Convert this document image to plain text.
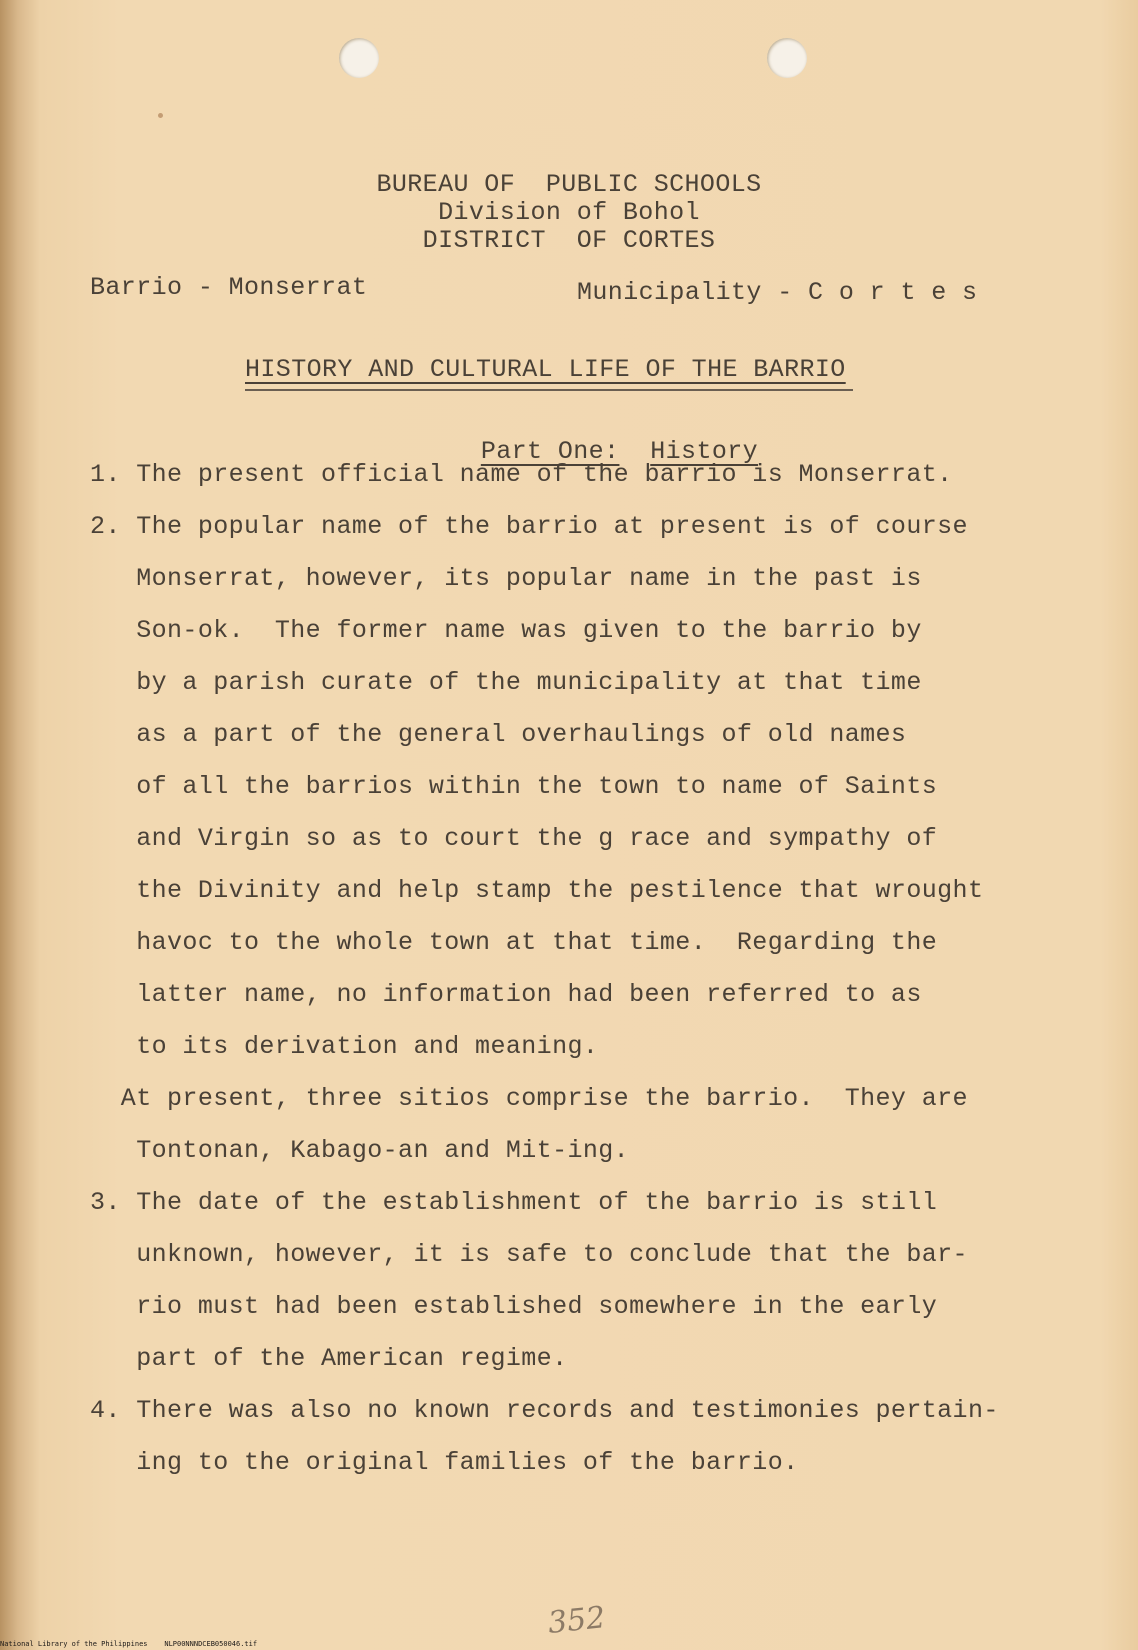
BUREAU OF  PUBLIC SCHOOLS
Division of Bohol
DISTRICT  OF CORTES
Barrio - Monserrat	Municipality - C o r t e s
HISTORY AND CULTURAL LIFE OF THE BARRIO

Part One: History

1. The present official name of the barrio is Monserrat.
2. The popular name of the barrio at present is of course
Monserrat, however, its popular name in the past is
Son-ok.  The former name was given to the barrio by
by a parish curate of the municipality at that time
as a part of the general overhaulings of old names
of all the barrios within the town to name of Saints
and Virgin so as to court the g race and sympathy of
the Divinity and help stamp the pestilence that wrought
havoc to the whole town at that time.  Regarding the
latter name, no information had been referred to as
to its derivation and meaning.
At present, three sitios comprise the barrio.  They are
Tontonan, Kabago-an and Mit-ing.
3. The date of the establishment of the barrio is still
unknown, however, it is safe to conclude that the bar-
rio must had been established somewhere in the early
part of the American regime.
4. There was also no known records and testimonies pertain-
ing to the original families of the barrio.
352
National Library of the Philippines    NLP00NNNDCEB050046.tif
